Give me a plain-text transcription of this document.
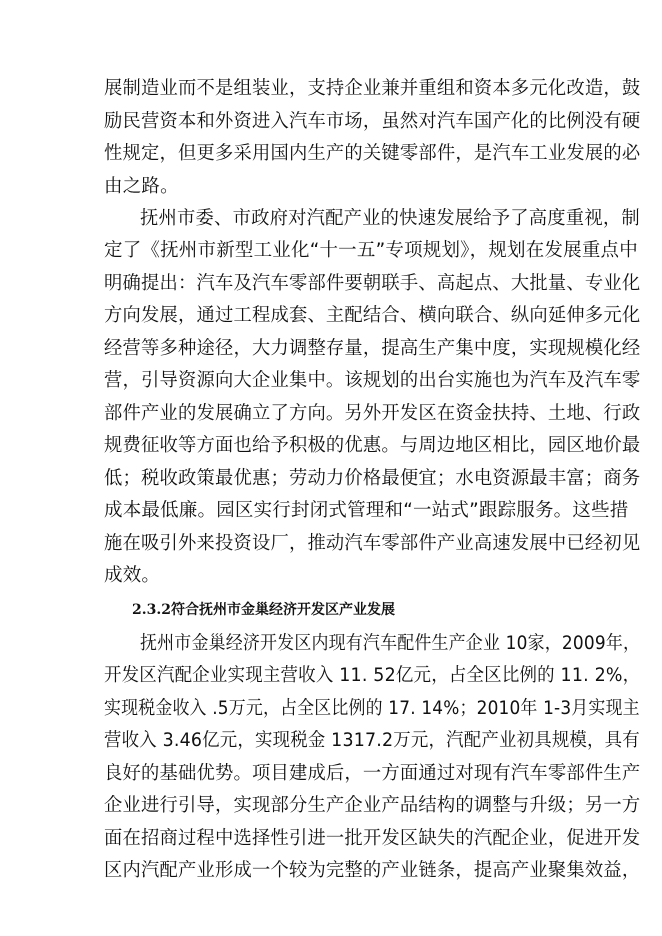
展制造业而不是组装业，支持企业兼并重组和资本多元化改造，鼓
励民营资本和外资进入汽车市场，虽然对汽车国产化的比例没有硬
性规定，但更多采用国内生产的关键零部件，是汽车工业发展的必
由之路。
抚州市委、市政府对汽配产业的快速发展给予了高度重视，制
定了《抚州市新型工业化“十一五”专项规划》，规划在发展重点中
明确提出：汽车及汽车零部件要朝联手、高起点、大批量、专业化
方向发展，通过工程成套、主配结合、横向联合、纵向延伸多元化
经营等多种途径，大力调整存量，提高生产集中度，实现规模化经
营，引导资源向大企业集中。该规划的出台实施也为汽车及汽车零
部件产业的发展确立了方向。另外开发区在资金扶持、土地、行政
规费征收等方面也给予积极的优惠。与周边地区相比，园区地价最
低；税收政策最优惠；劳动力价格最便宜；水电资源最丰富；商务
成本最低廉。园区实行封闭式管理和“一站式”跟踪服务。这些措
施在吸引外来投资设厂，推动汽车零部件产业高速发展中已经初见
成效。
2.3.2符合抚州市金巢经济开发区产业发展
抚州市金巢经济开发区内现有汽车配件生产企业 10家，2009年，
开发区汽配企业实现主营收入 11. 52亿元，占全区比例的 11. 2%，
实现税金收入 .5万元，占全区比例的 17. 14%；2010年 1-3月实现主
营收入 3.46亿元，实现税金 1317.2万元，汽配产业初具规模，具有
良好的基础优势。项目建成后，一方面通过对现有汽车零部件生产
企业进行引导，实现部分生产企业产品结构的调整与升级；另一方
面在招商过程中选择性引进一批开发区缺失的汽配企业，促进开发
区内汽配产业形成一个较为完整的产业链条，提高产业聚集效益，
